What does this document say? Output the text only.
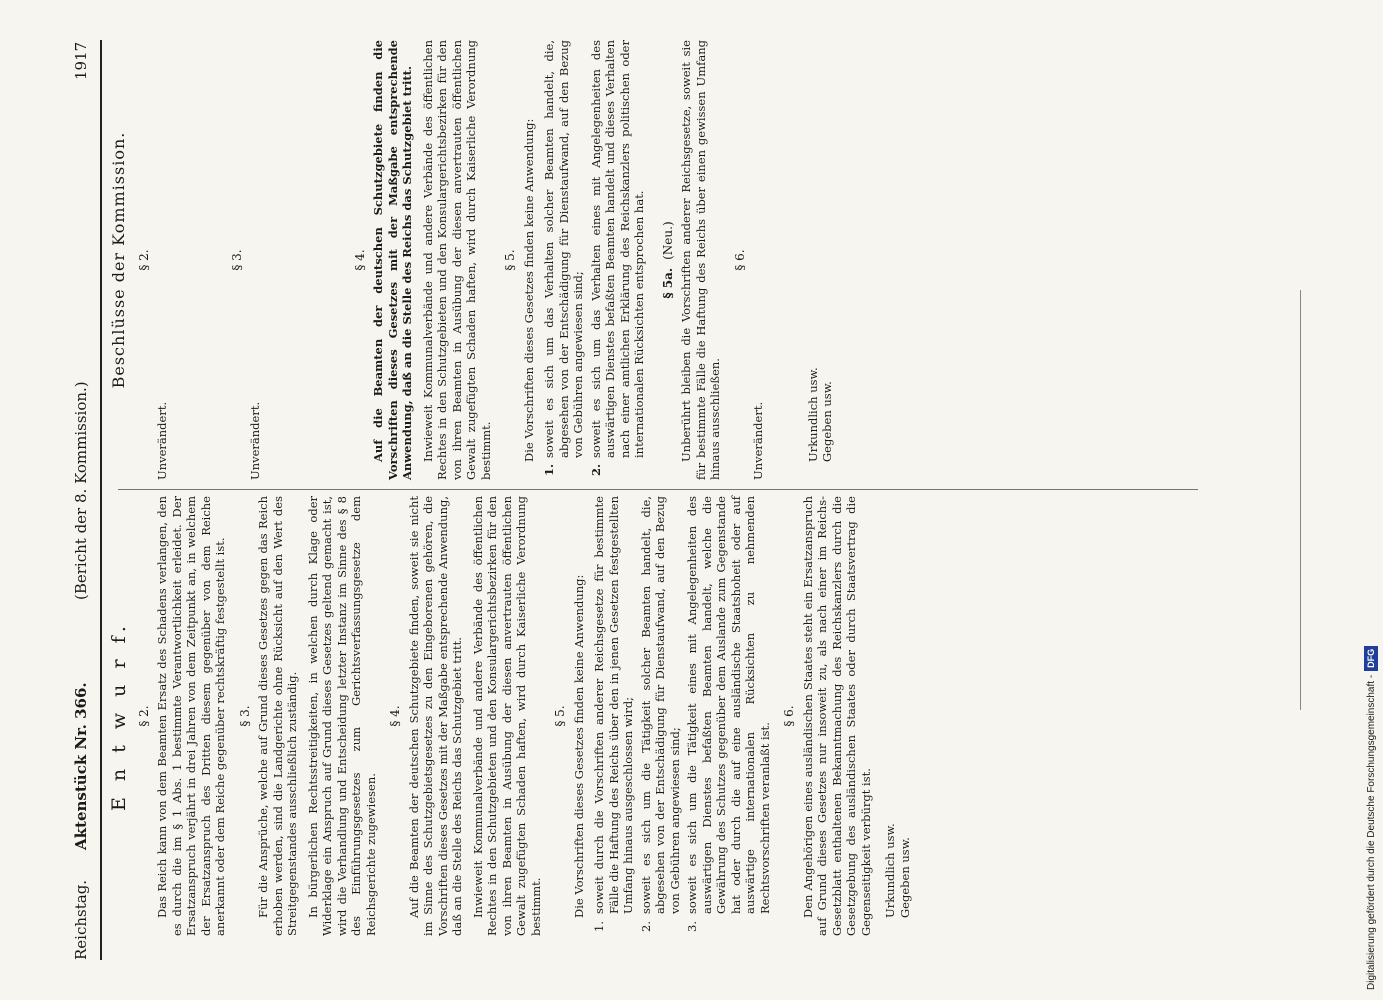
Reichstag.
Aktenstück Nr. 366.
(Bericht der 8. Kommission.)
1917
E n t w u r f. § 2. Das Reich kann von dem Beamten Ersatz des Schadens verlangen, den es durch die im § 1 Abs. 1 bestimmte Verantwortlichkeit erleidet. Der Ersatzanspruch verjährt in drei Jahren von dem Zeitpunkt an, in welchem der Ersatzanspruch des Dritten diesem gegenüber von dem Reiche anerkannt oder dem Reiche gegenüber rechtskräftig festgestellt ist. § 3. Für die Ansprüche, welche auf Grund dieses Gesetzes gegen das Reich erhoben werden, sind die Landgerichte ohne Rücksicht auf den Wert des Streitgegenstandes ausschließlich zuständig. In bürgerlichen Rechtsstreitigkeiten, in welchen durch Klage oder Widerklage ein Anspruch auf Grund dieses Gesetzes geltend gemacht ist, wird die Verhandlung und Entscheidung letzter Instanz im Sinne des § 8 des Einführungsgesetzes zum Gerichtsverfassungsgesetze dem Reichsgerichte zugewiesen.

§ 4. Auf die Beamten der deutschen Schutzgebiete finden, soweit sie nicht im Sinne des Schutzgebietsgesetzes zu den Eingeborenen gehören, die Vorschriften dieses Gesetzes mit der Maßgabe entsprechende Anwendung, daß an die Stelle des Reichs das Schutzgebiet tritt. Inwieweit Kommunalverbände und andere Verbände des öffentlichen Rechtes in den Schutzgebieten und den Konsulargerichtsbezirken für den von ihren Beamten in Ausübung der diesen anvertrauten öffentlichen Gewalt zugefügten Schaden haften, wird durch Kaiserliche Verordnung bestimmt.

§ 5. Die Vorschriften dieses Gesetzes finden keine Anwendung:

1.
soweit durch die Vorschriften anderer Reichsgesetze für bestimmte Fälle die Haftung des Reichs über den in jenen Gesetzen festgestellten Umfang hinaus ausgeschlossen wird;
2.
soweit es sich um die Tätigkeit solcher Beamten handelt, die, abgesehen von der Entschädigung für Dienstaufwand, auf den Bezug von Gebühren angewiesen sind;
3.
soweit es sich um die Tätigkeit eines mit Angelegenheiten des auswärtigen Dienstes befaßten Beamten handelt, welche die Gewährung des Schutzes gegenüber dem Auslande zum Gegenstande hat oder durch die auf eine ausländische Staatshoheit oder auf auswärtige internationalen Rücksichten zu nehmenden Rechtsvorschriften veranlaßt ist.
§ 6. Den Angehörigen eines ausländischen Staates steht ein Ersatzanspruch auf Grund dieses Gesetzes nur insoweit zu, als nach einer im Reichs-Gesetzblatt enthaltenen Bekanntmachung des Reichskanzlers durch die Gesetzgebung des ausländischen Staates oder durch Staatsvertrag die Gegenseitigkeit verbürgt ist. Urkundlich usw. Gegeben usw.
Beschlüsse der Kommission. § 2.

Unverändert.

§ 3.

Unverändert.

§ 4. Auf die Beamten der deutschen Schutzgebiete finden die Vorschriften dieses Gesetzes mit der Maßgabe entsprechende Anwendung, daß an die Stelle des Reichs das Schutzgebiet tritt. Inwieweit Kommunalverbände und andere Verbände des öffentlichen Rechtes in den Schutzgebieten und den Konsulargerichtsbezirken für den von ihren Beamten in Ausübung der diesen anvertrauten öffentlichen Gewalt zugefügten Schaden haften, wird durch Kaiserliche Verordnung bestimmt.

§ 5. Die Vorschriften dieses Gesetzes finden keine Anwendung:

1.
soweit es sich um das Verhalten solcher Beamten handelt, die, abgesehen von der Entschädigung für Dienstaufwand, auf den Bezug von Gebühren angewiesen sind;
2.
soweit es sich um das Verhalten eines mit Angelegenheiten des auswärtigen Dienstes befaßten Beamten handelt und dieses Verhalten nach einer amtlichen Erklärung des Reichskanzlers politischen oder internationalen Rücksichten entsprochen hat. § 5a.(Neu.) Unberührt bleiben die Vorschriften anderer Reichsgesetze, soweit sie für bestimmte Fälle die Haftung des Reichs über einen gewissen Umfang hinaus ausschließen.

§ 6.

Unverändert.	Urkundlich usw. Gegeben usw.
Digitalisierung gefördert durch die Deutsche Forschungsgemeinschaft -DFG
